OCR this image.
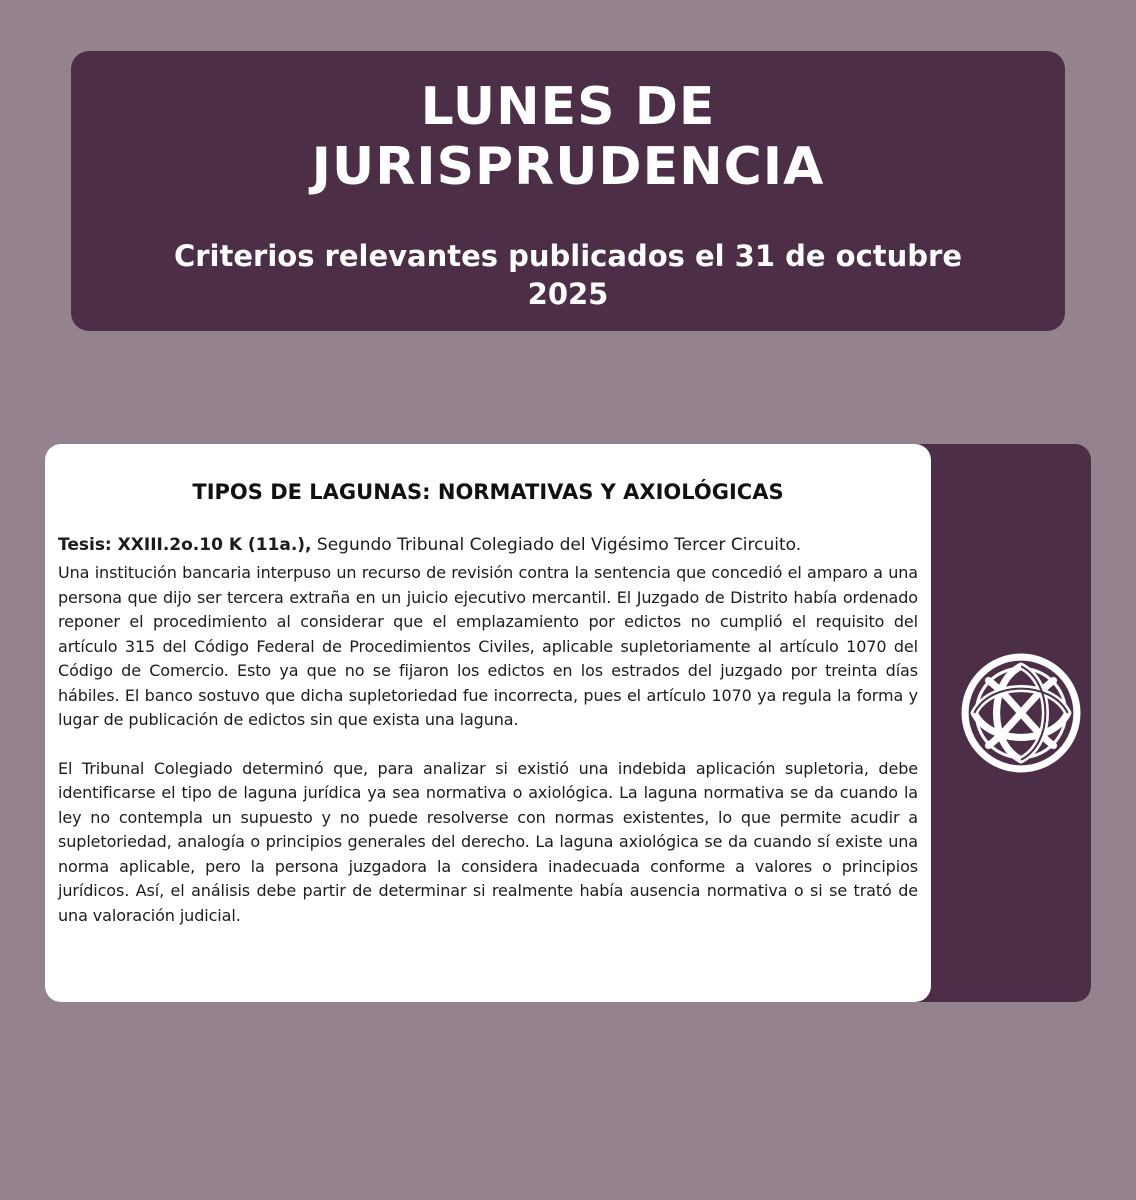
LUNES DE
JURISPRUDENCIA

Criterios relevantes publicados el 31 de octubre
2025

TIPOS DE LAGUNAS: NORMATIVAS Y AXIOLÓGICAS

Tesis: XXIII.2o.10 K (11a.), Segundo Tribunal Colegiado del Vigésimo Tercer Circuito.

Una institución bancaria interpuso un recurso de revisión contra la sentencia que concedió el amparo a una persona que dijo ser tercera extraña en un juicio ejecutivo mercantil. El Juzgado de Distrito había ordenado reponer el procedimiento al considerar que el emplazamiento por edictos no cumplió el requisito del artículo 315 del Código Federal de Procedimientos Civiles, aplicable supletoriamente al artículo 1070 del Código de Comercio. Esto ya que no se fijaron los edictos en los estrados del juzgado por treinta días hábiles. El banco sostuvo que dicha supletoriedad fue incorrecta, pues el artículo 1070 ya regula la forma y lugar de publicación de edictos sin que exista una laguna.

El Tribunal Colegiado determinó que, para analizar si existió una indebida aplicación supletoria, debe identificarse el tipo de laguna jurídica ya sea normativa o axiológica. La laguna normativa se da cuando la ley no contempla un supuesto y no puede resolverse con normas existentes, lo que permite acudir a supletoriedad, analogía o principios generales del derecho. La laguna axiológica se da cuando sí existe una norma aplicable, pero la persona juzgadora la considera inadecuada conforme a valores o principios jurídicos. Así, el análisis debe partir de determinar si realmente había ausencia normativa o si se trató de una valoración judicial.
